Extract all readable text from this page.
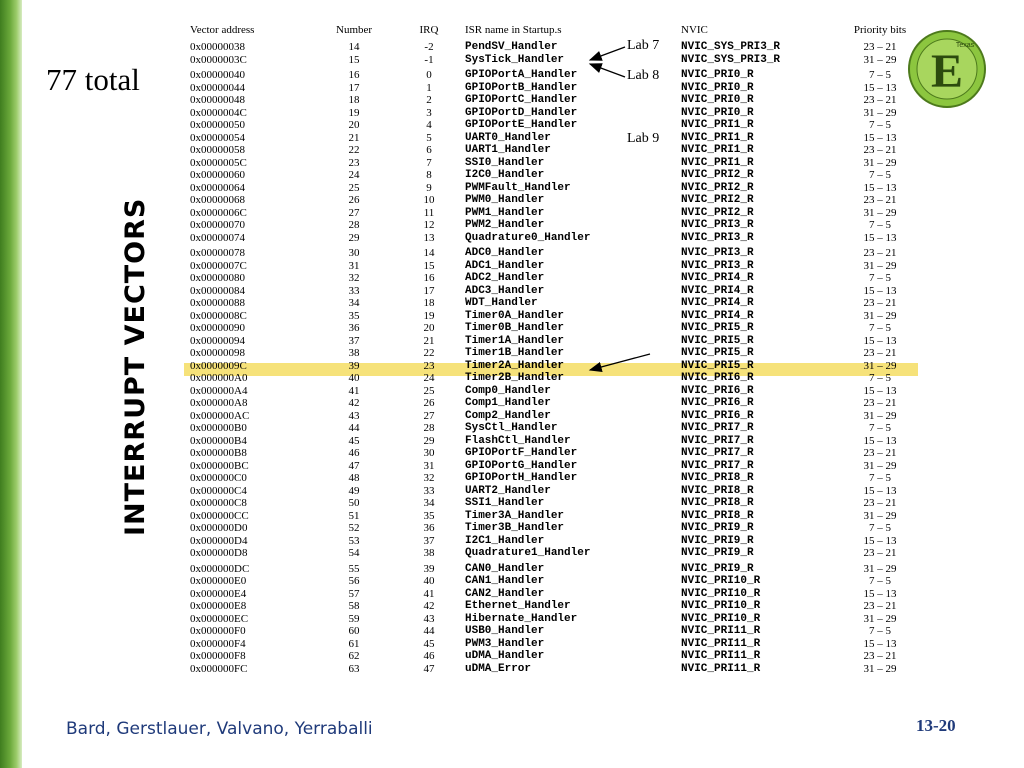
77 total
INTERRUPT VECTORS
Vector address	Number	IRQ	ISR name in Startup.s	NVIC	Priority bits
0x00000038	14	-2	PendSV_Handler	NVIC_SYS_PRI3_R	23 – 21
0x0000003C	15	-1	SysTick_Handler	NVIC_SYS_PRI3_R	31 – 29
0x00000040	16	0	GPIOPortA_Handler	NVIC_PRI0_R	7 – 5
0x00000044	17	1	GPIOPortB_Handler	NVIC_PRI0_R	15 – 13
0x00000048	18	2	GPIOPortC_Handler	NVIC_PRI0_R	23 – 21
0x0000004C	19	3	GPIOPortD_Handler	NVIC_PRI0_R	31 – 29
0x00000050	20	4	GPIOPortE_Handler	NVIC_PRI1_R	7 – 5
0x00000054	21	5	UART0_Handler	NVIC_PRI1_R	15 – 13
0x00000058	22	6	UART1_Handler	NVIC_PRI1_R	23 – 21
0x0000005C	23	7	SSI0_Handler	NVIC_PRI1_R	31 – 29
0x00000060	24	8	I2C0_Handler	NVIC_PRI2_R	7 – 5
0x00000064	25	9	PWMFault_Handler	NVIC_PRI2_R	15 – 13
0x00000068	26	10	PWM0_Handler	NVIC_PRI2_R	23 – 21
0x0000006C	27	11	PWM1_Handler	NVIC_PRI2_R	31 – 29
0x00000070	28	12	PWM2_Handler	NVIC_PRI3_R	7 – 5
0x00000074	29	13	Quadrature0_Handler	NVIC_PRI3_R	15 – 13
0x00000078	30	14	ADC0_Handler	NVIC_PRI3_R	23 – 21
0x0000007C	31	15	ADC1_Handler	NVIC_PRI3_R	31 – 29
0x00000080	32	16	ADC2_Handler	NVIC_PRI4_R	7 – 5
0x00000084	33	17	ADC3_Handler	NVIC_PRI4_R	15 – 13
0x00000088	34	18	WDT_Handler	NVIC_PRI4_R	23 – 21
0x0000008C	35	19	Timer0A_Handler	NVIC_PRI4_R	31 – 29
0x00000090	36	20	Timer0B_Handler	NVIC_PRI5_R	7 – 5
0x00000094	37	21	Timer1A_Handler	NVIC_PRI5_R	15 – 13
0x00000098	38	22	Timer1B_Handler	NVIC_PRI5_R	23 – 21
0x0000009C	39	23	Timer2A_Handler	NVIC_PRI5_R	31 – 29
0x000000A0	40	24	Timer2B_Handler	NVIC_PRI6_R	7 – 5
0x000000A4	41	25	Comp0_Handler	NVIC_PRI6_R	15 – 13
0x000000A8	42	26	Comp1_Handler	NVIC_PRI6_R	23 – 21
0x000000AC	43	27	Comp2_Handler	NVIC_PRI6_R	31 – 29
0x000000B0	44	28	SysCtl_Handler	NVIC_PRI7_R	7 – 5
0x000000B4	45	29	FlashCtl_Handler	NVIC_PRI7_R	15 – 13
0x000000B8	46	30	GPIOPortF_Handler	NVIC_PRI7_R	23 – 21
0x000000BC	47	31	GPIOPortG_Handler	NVIC_PRI7_R	31 – 29
0x000000C0	48	32	GPIOPortH_Handler	NVIC_PRI8_R	7 – 5
0x000000C4	49	33	UART2_Handler	NVIC_PRI8_R	15 – 13
0x000000C8	50	34	SSI1_Handler	NVIC_PRI8_R	23 – 21
0x000000CC	51	35	Timer3A_Handler	NVIC_PRI8_R	31 – 29
0x000000D0	52	36	Timer3B_Handler	NVIC_PRI9_R	7 – 5
0x000000D4	53	37	I2C1_Handler	NVIC_PRI9_R	15 – 13
0x000000D8	54	38	Quadrature1_Handler	NVIC_PRI9_R	23 – 21
0x000000DC	55	39	CAN0_Handler	NVIC_PRI9_R	31 – 29
0x000000E0	56	40	CAN1_Handler	NVIC_PRI10_R	7 – 5
0x000000E4	57	41	CAN2_Handler	NVIC_PRI10_R	15 – 13
0x000000E8	58	42	Ethernet_Handler	NVIC_PRI10_R	23 – 21
0x000000EC	59	43	Hibernate_Handler	NVIC_PRI10_R	31 – 29
0x000000F0	60	44	USB0_Handler	NVIC_PRI11_R	7 – 5
0x000000F4	61	45	PWM3_Handler	NVIC_PRI11_R	15 – 13
0x000000F8	62	46	uDMA_Handler	NVIC_PRI11_R	23 – 21
0x000000FC	63	47	uDMA_Error	NVIC_PRI11_R	31 – 29
Lab 7
Lab 8
Lab 9
E
Texas
Bard, Gerstlauer, Valvano, Yerraballi	13-20
